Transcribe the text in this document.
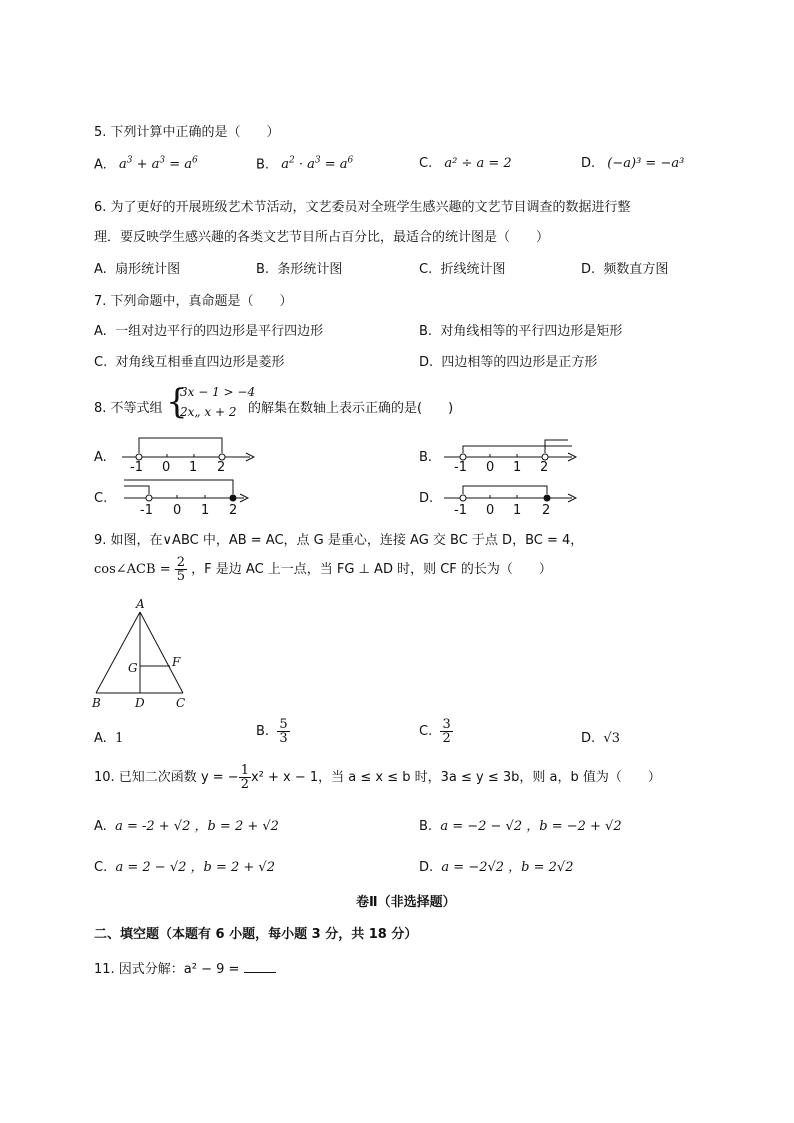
5. 下列计算中正确的是（　　）
A. $a^3 + a^3 = a^6$	B. $a^2 \cdot a^3 = a^6$	C. a² ÷ a = 2	D. (−a)³ = −a³
6. 为了更好的开展班级艺术节活动，文艺委员对全班学生感兴趣的文艺节目调查的数据进行整
理．要反映学生感兴趣的各类文艺节目所占百分比，最适合的统计图是（　　）
A. 扇形统计图	B. 条形统计图	C. 折线统计图	D. 频数直方图
7. 下列命题中，真命题是（　　）
A. 一组对边平行的四边形是平行四边形	B. 对角线相等的平行四边形是矩形
C. 对角线互相垂直四边形是菱形	D. 四边相等的四边形是正方形
8. 不等式组 {
3x − 1 > −4
2x„ x + 2 的解集在数轴上表示正确的是(　　)
A.	B.
C.	D.
-1 0 1 2	-1 0 1 2
-1 0 1 2	-1 0 1 2
9. 如图，在∨ABC 中，AB = AC，点 G 是重心，连接 AG 交 BC 于点 D，BC = 4，
cos∠ACB = $\frac{2}{5}$ ，F 是边 AC 上一点，当 FG ⊥ AD 时，则 CF 的长为（　　）
A
B	D	C
G	F
A. 1	B. $\frac{5}{3}$	C. $\frac{3}{2}$	D. √3
10. 已知二次函数 y = − $\frac{1}{2} x^2 + x - 1$，当 a ≤ x ≤ b 时，3a ≤ y ≤ 3b，则 a，b 值为（　　）
A. a = -2 + √2 ，b = 2 + √2	B. a = −2 − √2 ，b = −2 + √2
C. a = 2 − √2 ，b = 2 + √2	D. a = −2√2 ，b = 2√2
卷Ⅱ（非选择题）
二、填空题（本题有 6 小题，每小题 3 分，共 18 分）
11. 因式分解：a² − 9 =
